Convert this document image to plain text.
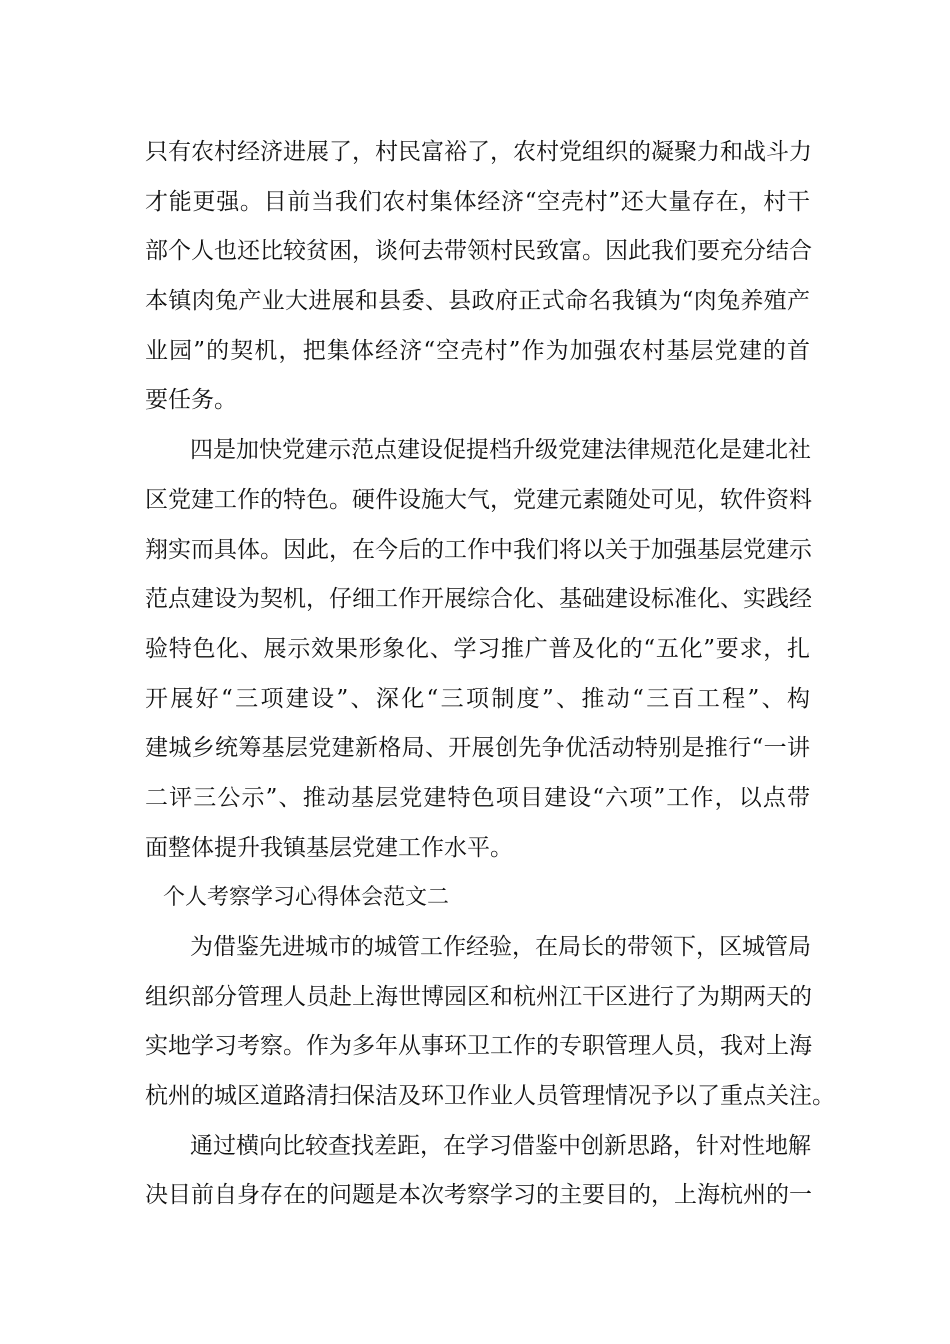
只有农村经济进展了，村民富裕了，农村党组织的凝聚力和战斗力
才能更强。目前当我们农村集体经济“空壳村”还大量存在，村干
部个人也还比较贫困，谈何去带领村民致富。因此我们要充分结合
本镇肉兔产业大进展和县委、县政府正式命名我镇为“肉兔养殖产
业园”的契机，把集体经济“空壳村”作为加强农村基层党建的首
要任务。
四是加快党建示范点建设促提档升级党建法律规范化是建北社
区党建工作的特色。硬件设施大气，党建元素随处可见，软件资料
翔实而具体。因此，在今后的工作中我们将以关于加强基层党建示
范点建设为契机，仔细工作开展综合化、基础建设标准化、实践经
验特色化、展示效果形象化、学习推广普及化的“五化”要求，扎
开展好“三项建设”、深化“三项制度”、推动“三百工程”、构
建城乡统筹基层党建新格局、开展创先争优活动特别是推行“一讲
二评三公示”、推动基层党建特色项目建设“六项”工作，以点带
面整体提升我镇基层党建工作水平。
个人考察学习心得体会范文二
为借鉴先进城市的城管工作经验，在局长的带领下，区城管局
组织部分管理人员赴上海世博园区和杭州江干区进行了为期两天的
实地学习考察。作为多年从事环卫工作的专职管理人员，我对上海
杭州的城区道路清扫保洁及环卫作业人员管理情况予以了重点关注。
通过横向比较查找差距，在学习借鉴中创新思路，针对性地解
决目前自身存在的问题是本次考察学习的主要目的，上海杭州的一
